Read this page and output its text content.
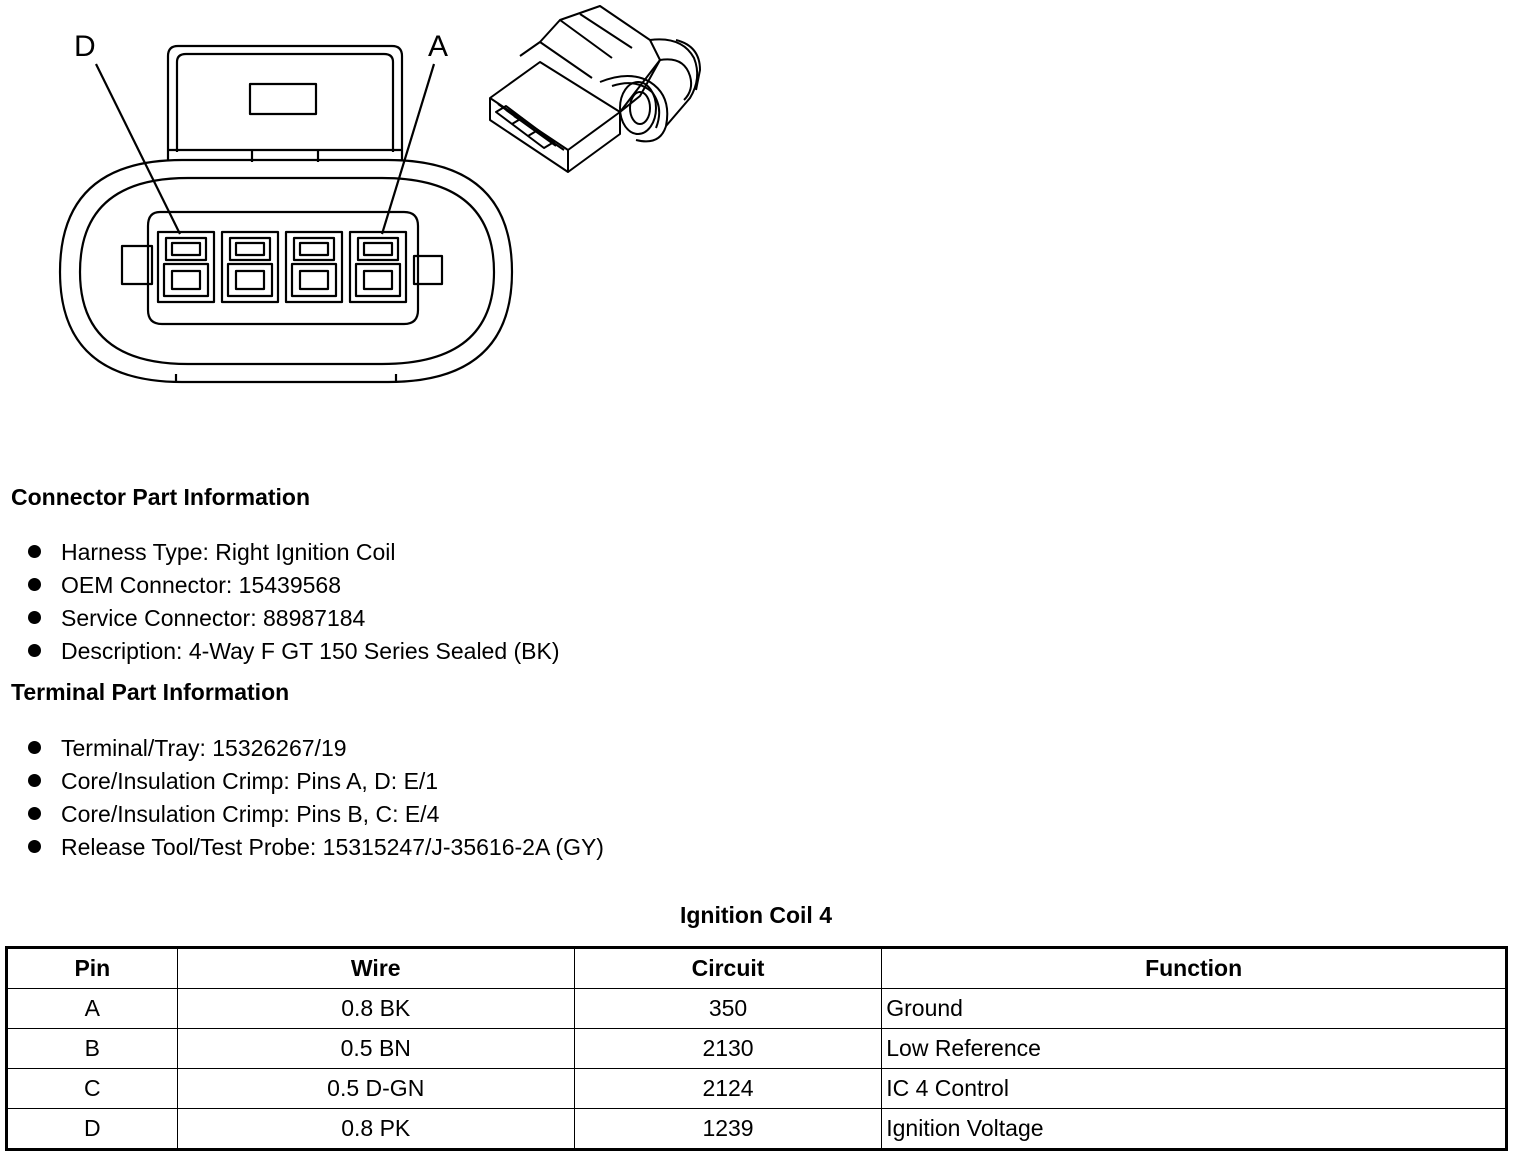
D	A
Connector Part Information
Harness Type: Right Ignition Coil
OEM Connector: 15439568
Service Connector: 88987184
Description: 4-Way F GT 150 Series Sealed (BK)
Terminal Part Information
Terminal/Tray: 15326267/19
Core/Insulation Crimp: Pins A, D: E/1
Core/Insulation Crimp: Pins B, C: E/4
Release Tool/Test Probe: 15315247/J-35616-2A (GY)
Ignition Coil 4
Pin	Wire	Circuit	Function
A	0.8 BK	350	Ground
B	0.5 BN	2130	Low Reference
C	0.5 D-GN	2124	IC 4 Control
D	0.8 PK	1239	Ignition Voltage
